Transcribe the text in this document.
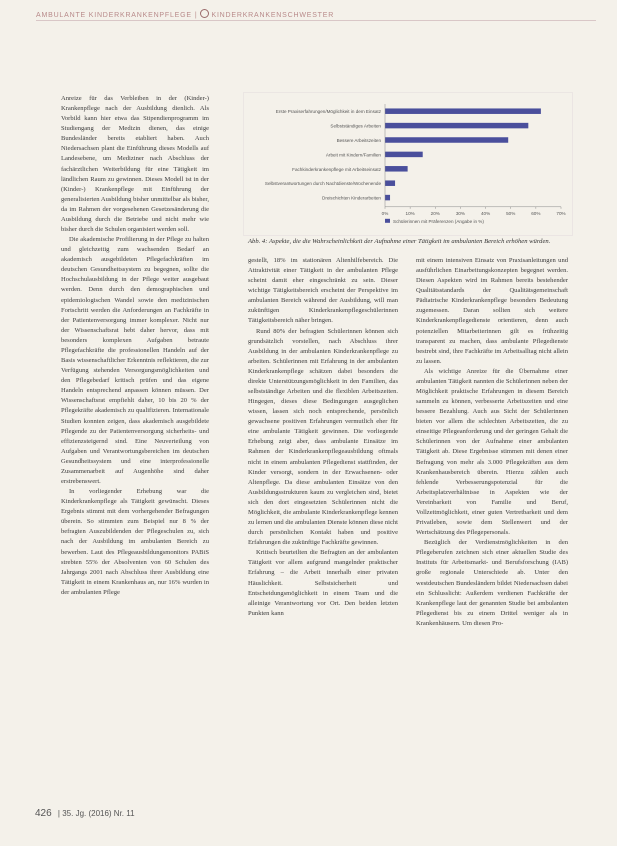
AMBULANTE KINDERKRANKENPFLEGE | KINDERKRANKENSCHWESTER

Anreize für das Verbleiben in der (Kinder-) Krankenpflege nach der Ausbildung dienlich. Als Vorbild kann hier etwa das Stipendienprogramm im Studiengang der Medizin dienen, das einige Bundesländer bereits etabliert haben. Auch Niedersachsen plant die Einführung dieses Modells auf Landesebene, um Mediziner nach Abschluss der fachärztlichen Weiterbildung für eine Tätigkeit im ländlichen Raum zu gewinnen. Dieses Modell ist in der (Kinder-) Krankenpflege mit Einführung der generalisierten Ausbildung bisher unmittelbar als bisher, da im Rahmen der vorgesehenen Gesetzesänderung die Ausbildung durch die Betriebe und nicht mehr wie bisher durch die Schulen organisiert werden soll.

Die akademische Profilierung in der Pflege zu halten und gleichzeitig zum wachsenden Bedarf an akademisch ausgebildeten Pflegefachkräften im deutschen Gesundheitssystem zu begegnen, sollte die Hochschulausbildung in der Pflege weiter ausgebaut werden. Denn durch den demographischen und epidemiologischen Wandel sowie den medizinischen Fortschritt werden die Anforderungen an Fachkräfte in der Patientenversorgung immer komplexer. Nicht nur der Wissenschaftsrat hebt daher hervor, dass mit besonders komplexen Aufgaben betraute Pflegefachkräfte die professionellen Handeln auf der Basis wissenschaftlicher Erkenntnis reflektieren, die zur Verfügung stehenden Versorgungsmöglichkeiten und den Pflegebedarf kritisch prüfen und das eigene Handeln entsprechend anpassen können müssen. Der Wissenschaftsrat empfiehlt daher, 10 bis 20 % der Pflegekräfte akademisch zu qualifizieren. Internationale Studien konnten zeigen, dass akademisch ausgebildete Pflegende zu der Patientenversorgung sicherheits- und effizienzsteigernd sind. Eine Neuverteilung von Aufgaben und Verantwortungsbereichen im deutschen Gesundheitssystem und eine interprofessionelle Zusammenarbeit auf Augenhöhe sind daher erstrebenswert.

In vorliegender Erhebung war die Kinderkrankenpflege als Tätigkeit gewünscht. Dieses Ergebnis stimmt mit dem vorhergehender Befragungen überein. So stimmten zum Beispiel nur 8 % der befragten Auszubildenden der Pflegeschulen zu, sich nach der Ausbildung im ambulanten Bereich zu bewerben. Laut des Pflegeausbildungsmonitors PABiS strebten 55% der Absolventen von 60 Schulen des Jahrgangs 2001 nach Abschluss ihrer Ausbildung eine Tätigkeit in einem Krankenhaus an, nur 16% wurden in der ambulanten Pflege

Erste Praxiserfahrungen/Möglichkeit in dem Einsatz
Selbstständiges Arbeiten
Bessere Arbeitszeiten
Arbeit mit Kindern/Familien
Fachkinderkrankenpflege mit Arbeitseinsatz
Selbstverantwortungen durch Nachtdienste/Wochenende
Dreischichten Kinderarbeiten
0%	10%	20%	30%	40%	50%	60%	70%
Schülerinnen mit Präferenzen (Angabe in %)
Abb. 4: Aspekte, die die Wahrscheinlichkeit der Aufnahme einer Tätigkeit im ambulanten Bereich erhöhen würden.

gestellt, 18% im stationären Altenhilfebereich. Die Attraktivität einer Tätigkeit in der ambulanten Pflege scheint damit eher eingeschränkt zu sein. Dieser wichtige Tätigkeitsbereich erscheint der Perspektive im ambulanten Bereich während der Ausbildung, will man zukünftigen Kinderkrankenpflegeschülerinnen Tätigkeitsbereich näher bringen.

Rund 80% der befragten Schülerinnen können sich grundsätzlich vorstellen, nach Abschluss ihrer Ausbildung in der ambulanten Kinderkrankenpflege zu arbeiten. Schülerinnen mit Erfahrung in der ambulanten Kinderkrankenpflege schätzen dabei besonders die direkte Unterstützungsmöglichkeit in den Familien, das selbstständige Arbeiten und die flexiblen Arbeitszeiten. Hingegen, dieses diese Bedingungen ausgeglichen wissen, lassen sich noch entsprechende, persönlich gewachsene positiven Erfahrungen vermutlich eher für eine ambulante Tätigkeit gewinnen. Die vorliegende Erhebung zeigt aber, dass ambulante Einsätze im Rahmen der Kinderkrankenpflegeausbildung oftmals nicht in einem ambulanten Pflegedienst stattfinden, der Kinder versorgt, sondern in der Erwachsenen- oder Altenpflege. Da diese ambulanten Einsätze von den Ausbildungsstrukturen kaum zu vergleichen sind, bietet sich den dort eingesetzten Schülerinnen nicht die Möglichkeit, die ambulante Kinderkrankenpflege kennen zu lernen und die ambulanten Dienste können diese nicht durch persönlichen Kontakt haben und positive Erfahrungen die zukünftige Fachkräfte gewinnen.

Kritisch beurteilten die Befragten an der ambulanten Tätigkeit vor allem aufgrund mangelnder praktischer Erfahrung – die Arbeit innerhalb einer privaten Häuslichkeit. Selbstsicherheit und Entscheidungsmöglichkeit in einem Team und die alleinige Verantwortung vor Ort. Den beiden letzten Punkten kann

mit einem intensiven Einsatz von Praxisanleitungen und ausführlichen Einarbeitungskonzepten begegnet werden. Diesen Aspekten wird im Rahmen bereits bestehender Qualitätsstandards der Qualitätsgemeinschaft Pädiatrische Kinderkrankenpflege besonders Bedeutung zugemessen. Daran sollten sich weitere Kinderkrankenpflegedienste orientieren, denn auch potenziellen Mitarbeiterinnen gilt es frühzeitig transparent zu machen, dass ambulante Pflegedienste bestrebt sind, ihre Fachkräfte im Arbeitsalltag nicht allein zu lassen.

Als wichtige Anreize für die Übernahme einer ambulanten Tätigkeit nannten die Schülerinnen neben der Möglichkeit praktische Erfahrungen in diesem Bereich sammeln zu können, verbesserte Arbeitszeiten und eine bessere Bezahlung. Auch aus Sicht der Schülerinnen bieten vor allem die schlechten Arbeitszeiten, die zu einseitige Pflegeanforderung und der geringen Gehalt die Schülerinnen von der Aufnahme einer ambulanten Tätigkeit ab. Diese Ergebnisse stimmen mit denen einer Befragung von mehr als 3.000 Pflegekräften aus dem Krankenhausbereich überein. Hierzu zählen auch fehlende Verbesserungspotenzial für die Arbeitsplatzverhältnisse in Aspekten wie der Vereinbarkeit von Familie und Beruf, Vollzeitmöglichkeit, einer guten Vertretbarkeit und dem Privatleben, sowie dem Stellenwert und der Wertschätzung des Pflegepersonals.

Bezüglich der Verdienstmöglichkeiten in den Pflegeberufen zeichnen sich einer aktuellen Studie des Instituts für Arbeitsmarkt- und Berufsforschung (IAB) große regionale Unterschiede ab. Unter den westdeutschen Bundesländern bildet Niedersachsen dabei ein Schlusslicht: Außerdem verdienen Fachkräfte der Krankenpflege laut der genannten Studie bei ambulanten Pflegedienst bis zu einem Drittel weniger als in Krankenhäusern. Um diesen Pro-

426 | 35. Jg. (2016) Nr. 11
